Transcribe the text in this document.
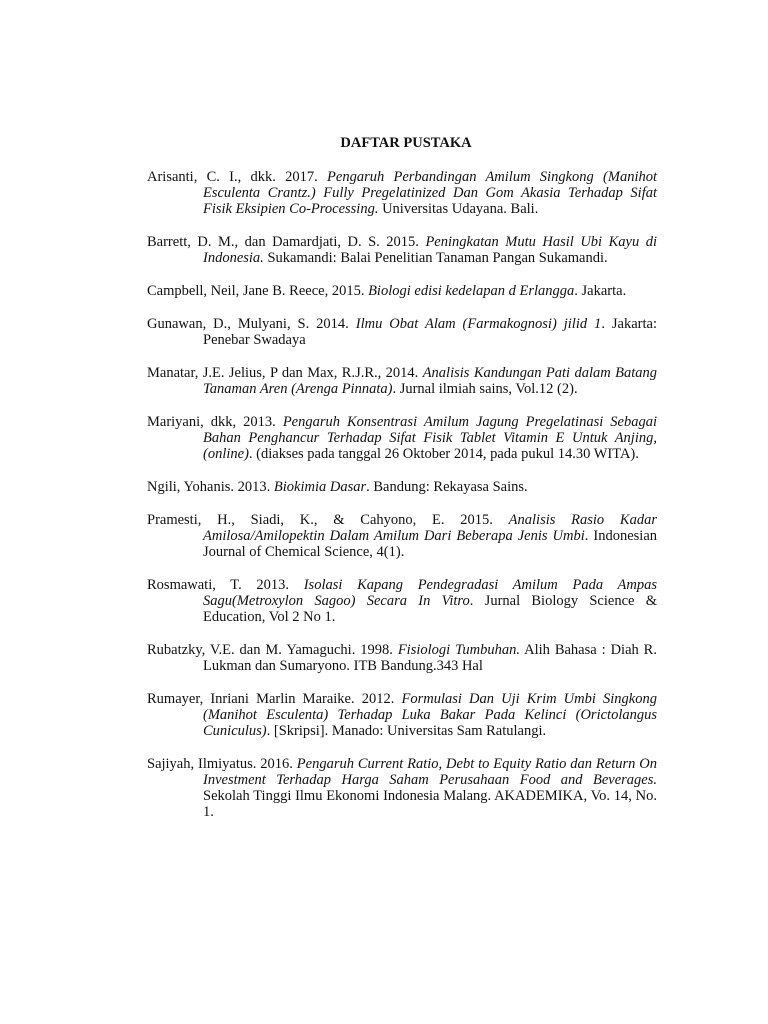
DAFTAR PUSTAKA
Arisanti, C. I., dkk. 2017. Pengaruh Perbandingan Amilum Singkong (Manihot Esculenta Crantz.) Fully Pregelatinized Dan Gom Akasia Terhadap Sifat Fisik Eksipien Co-Processing. Universitas Udayana. Bali.
Barrett, D. M., dan Damardjati, D. S. 2015. Peningkatan Mutu Hasil Ubi Kayu di Indonesia. Sukamandi: Balai Penelitian Tanaman Pangan Sukamandi.
Campbell, Neil, Jane B. Reece, 2015. Biologi edisi kedelapan d Erlangga. Jakarta.
Gunawan, D., Mulyani, S. 2014. Ilmu Obat Alam (Farmakognosi) jilid 1. Jakarta: Penebar Swadaya
Manatar, J.E. Jelius, P dan Max, R.J.R., 2014. Analisis Kandungan Pati dalam Batang Tanaman Aren (Arenga Pinnata). Jurnal ilmiah sains, Vol.12 (2).
Mariyani, dkk, 2013. Pengaruh Konsentrasi Amilum Jagung Pregelatinasi Sebagai Bahan Penghancur Terhadap Sifat Fisik Tablet Vitamin E Untuk Anjing, (online). (diakses pada tanggal 26 Oktober 2014, pada pukul 14.30 WITA).
Ngili, Yohanis. 2013. Biokimia Dasar. Bandung: Rekayasa Sains.
Pramesti, H., Siadi, K., & Cahyono, E. 2015. Analisis Rasio Kadar Amilosa/Amilopektin Dalam Amilum Dari Beberapa Jenis Umbi. Indonesian Journal of Chemical Science, 4(1).
Rosmawati, T. 2013. Isolasi Kapang Pendegradasi Amilum Pada Ampas Sagu(Metroxylon Sagoo) Secara In Vitro. Jurnal Biology Science & Education, Vol 2 No 1.
Rubatzky, V.E. dan M. Yamaguchi. 1998. Fisiologi Tumbuhan. Alih Bahasa : Diah R. Lukman dan Sumaryono. ITB Bandung.343 Hal
Rumayer, Inriani Marlin Maraike. 2012. Formulasi Dan Uji Krim Umbi Singkong (Manihot Esculenta) Terhadap Luka Bakar Pada Kelinci (Orictolangus Cuniculus). [Skripsi]. Manado: Universitas Sam Ratulangi.
Sajiyah, Ilmiyatus. 2016. Pengaruh Current Ratio, Debt to Equity Ratio dan Return On Investment Terhadap Harga Saham Perusahaan Food and Beverages. Sekolah Tinggi Ilmu Ekonomi Indonesia Malang. AKADEMIKA, Vo. 14, No. 1.
